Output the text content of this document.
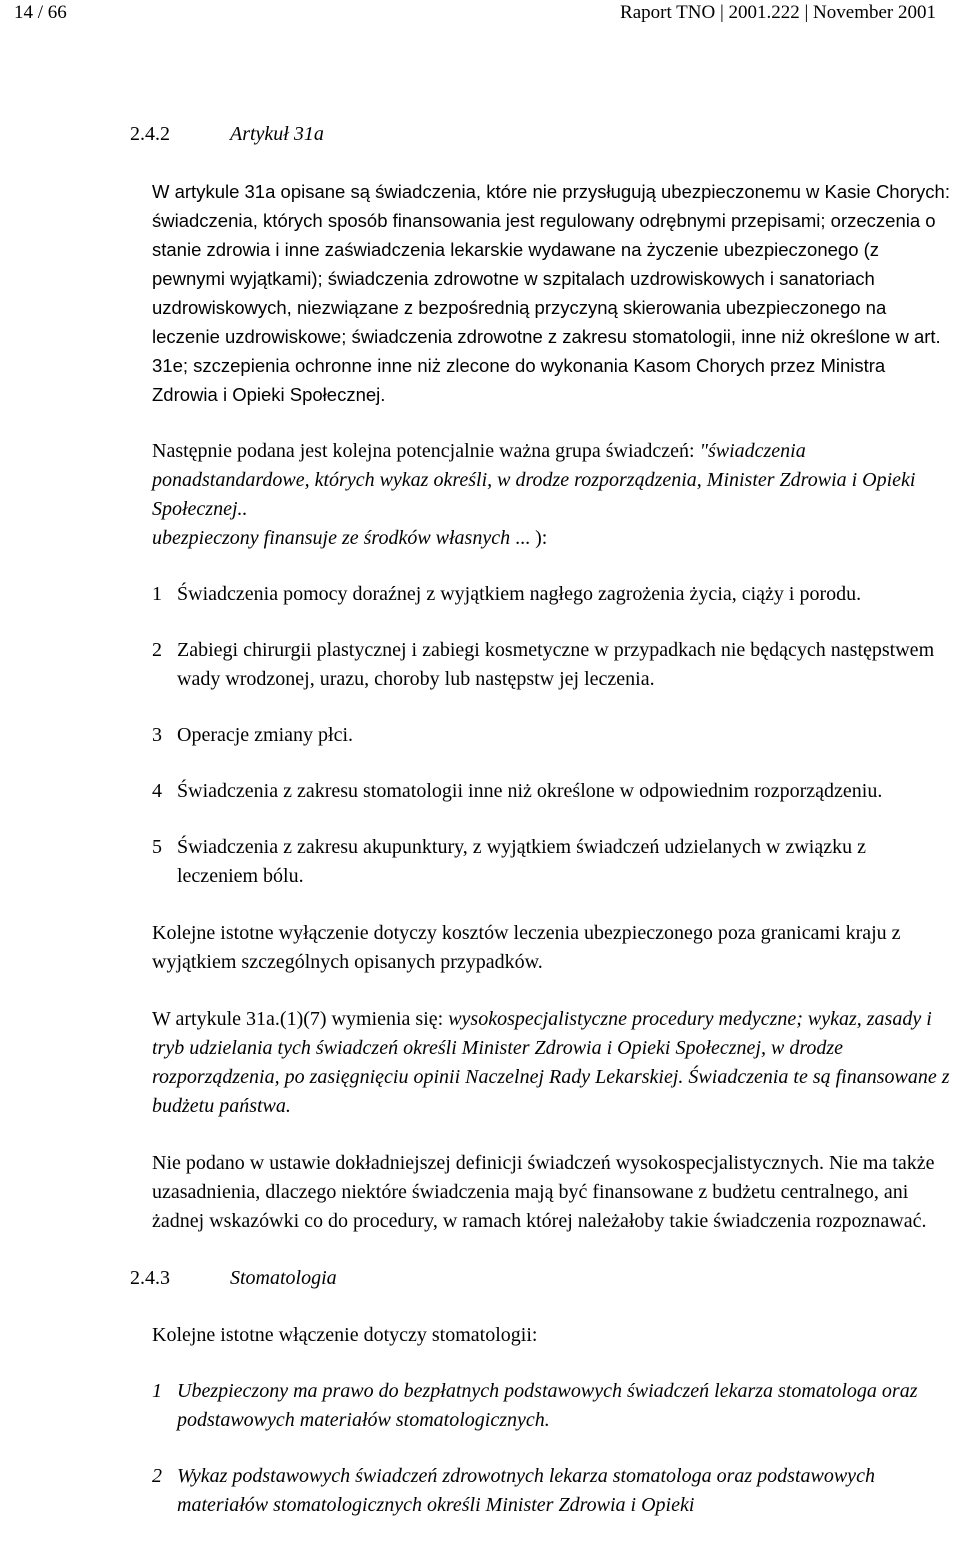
14 / 66	Raport TNO | 2001.222 | November 2001
2.4.2	Artykuł 31a

W artykule 31a opisane są świadczenia, które nie przysługują ubezpieczonemu w Kasie Chorych: świadczenia, których sposób finansowania jest regulowany odrębnymi przepisami; orzeczenia o stanie zdrowia i inne zaświadczenia lekarskie wydawane na życzenie ubezpieczonego (z pewnymi wyjątkami); świadczenia zdrowotne w szpitalach uzdrowiskowych i sanatoriach uzdrowiskowych, niezwiązane z bezpośrednią przyczyną skierowania ubezpieczonego na leczenie uzdrowiskowe; świadczenia zdrowotne z zakresu stomatologii, inne niż określone w art. 31e; szczepienia ochronne inne niż zlecone do wykonania Kasom Chorych przez Ministra Zdrowia i Opieki Społecznej.

Następnie podana jest kolejna potencjalnie ważna grupa świadczeń: "świadczenia ponadstandardowe, których wykaz określi, w drodze rozporządzenia, Minister Zdrowia i Opieki Społecznej..
ubezpieczony finansuje ze środków własnych ... ):

1 Świadczenia pomocy doraźnej z wyjątkiem nagłego zagrożenia życia, ciąży i porodu.
2 Zabiegi chirurgii plastycznej i zabiegi kosmetyczne w przypadkach nie będących następstwem wady wrodzonej, urazu, choroby lub następstw jej leczenia.
3 Operacje zmiany płci.
4 Świadczenia z zakresu stomatologii inne niż określone w odpowiednim rozporządzeniu.
5 Świadczenia z zakresu akupunktury, z wyjątkiem świadczeń udzielanych w związku z leczeniem bólu.

Kolejne istotne wyłączenie dotyczy kosztów leczenia ubezpieczonego poza granicami kraju z wyjątkiem szczególnych opisanych przypadków.

W artykule 31a.(1)(7) wymienia się: wysokospecjalistyczne procedury medyczne; wykaz, zasady i tryb udzielania tych świadczeń określi Minister Zdrowia i Opieki Społecznej, w drodze rozporządzenia, po zasięgnięciu opinii Naczelnej Rady Lekarskiej. Świadczenia te są finansowane z budżetu państwa.

Nie podano w ustawie dokładniejszej definicji świadczeń wysokospecjalistycznych. Nie ma także uzasadnienia, dlaczego niektóre świadczenia mają być finansowane z budżetu centralnego, ani żadnej wskazówki co do procedury, w ramach której należałoby takie świadczenia rozpoznawać.

2.4.3	Stomatologia

Kolejne istotne włączenie dotyczy stomatologii:

1 Ubezpieczony ma prawo do bezpłatnych podstawowych świadczeń lekarza stomatologa oraz podstawowych materiałów stomatologicznych.
2 Wykaz podstawowych świadczeń zdrowotnych lekarza stomatologa oraz podstawowych materiałów stomatologicznych określi Minister Zdrowia i Opieki
